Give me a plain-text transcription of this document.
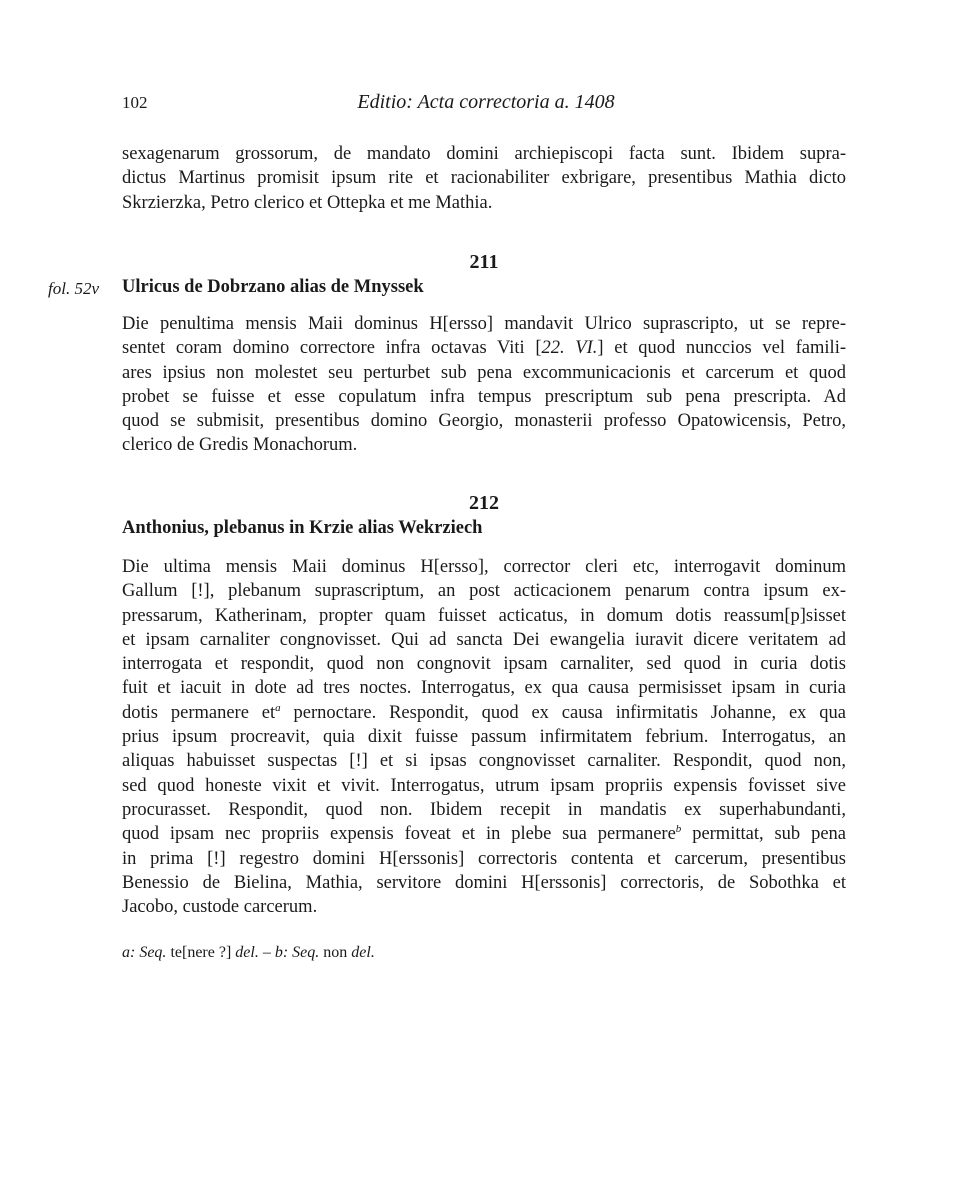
102	Editio: Acta correctoria a. 1408
sexagenarum grossorum, de mandato domini archiepiscopi facta sunt. Ibidem supra-
dictus Martinus promisit ipsum rite et racionabiliter exbrigare, presentibus Mathia dicto
Skrzierzka, Petro clerico et Ottepka et me Mathia.
211
fol. 52v Ulricus de Dobrzano alias de Mnyssek
Die penultima mensis Maii dominus H[ersso] mandavit Ulrico suprascripto, ut se repre-
sentet coram domino correctore infra octavas Viti [22. VI.] et quod nunccios vel famili-
ares ipsius non molestet seu perturbet sub pena excommunicacionis et carcerum et quod
probet se fuisse et esse copulatum infra tempus prescriptum sub pena prescripta. Ad
quod se submisit, presentibus domino Georgio, monasterii professo Opatowicensis, Petro,
clerico de Gredis Monachorum.
212
Anthonius, plebanus in Krzie alias Wekrziech
Die ultima mensis Maii dominus H[ersso], corrector cleri etc, interrogavit dominum
Gallum [!], plebanum suprascriptum, an post acticacionem penarum contra ipsum ex-
pressarum, Katherinam, propter quam fuisset acticatus, in domum dotis reassum[p]sisset
et ipsam carnaliter congnovisset. Qui ad sancta Dei ewangelia iuravit dicere veritatem ad
interrogata et respondit, quod non congnovit ipsam carnaliter, sed quod in curia dotis
fuit et iacuit in dote ad tres noctes. Interrogatus, ex qua causa permisisset ipsam in curia
dotis permanere $et^a$ pernoctare. Respondit, quod ex causa infirmitatis Johanne, ex qua
prius ipsum procreavit, quia dixit fuisse passum infirmitatem febrium. Interrogatus, an
aliquas habuisset suspectas [!] et si ipsas congnovisset carnaliter. Respondit, quod non,
sed quod honeste vixit et vivit. Interrogatus, utrum ipsam propriis expensis fovisset sive
procurasset. Respondit, quod non. Ibidem recepit in mandatis ex superhabundanti,
quod ipsam nec propriis expensis foveat et in plebe sua permanere$^b$ permittat, sub pena
in prima [!] regestro domini H[erssonis] correctoris contenta et carcerum, presentibus
Benessio de Bielina, Mathia, servitore domini H[erssonis] correctoris, de Sobothka et
Jacobo, custode carcerum.
a: Seq. te[nere ?] del. – b: Seq. non del.
